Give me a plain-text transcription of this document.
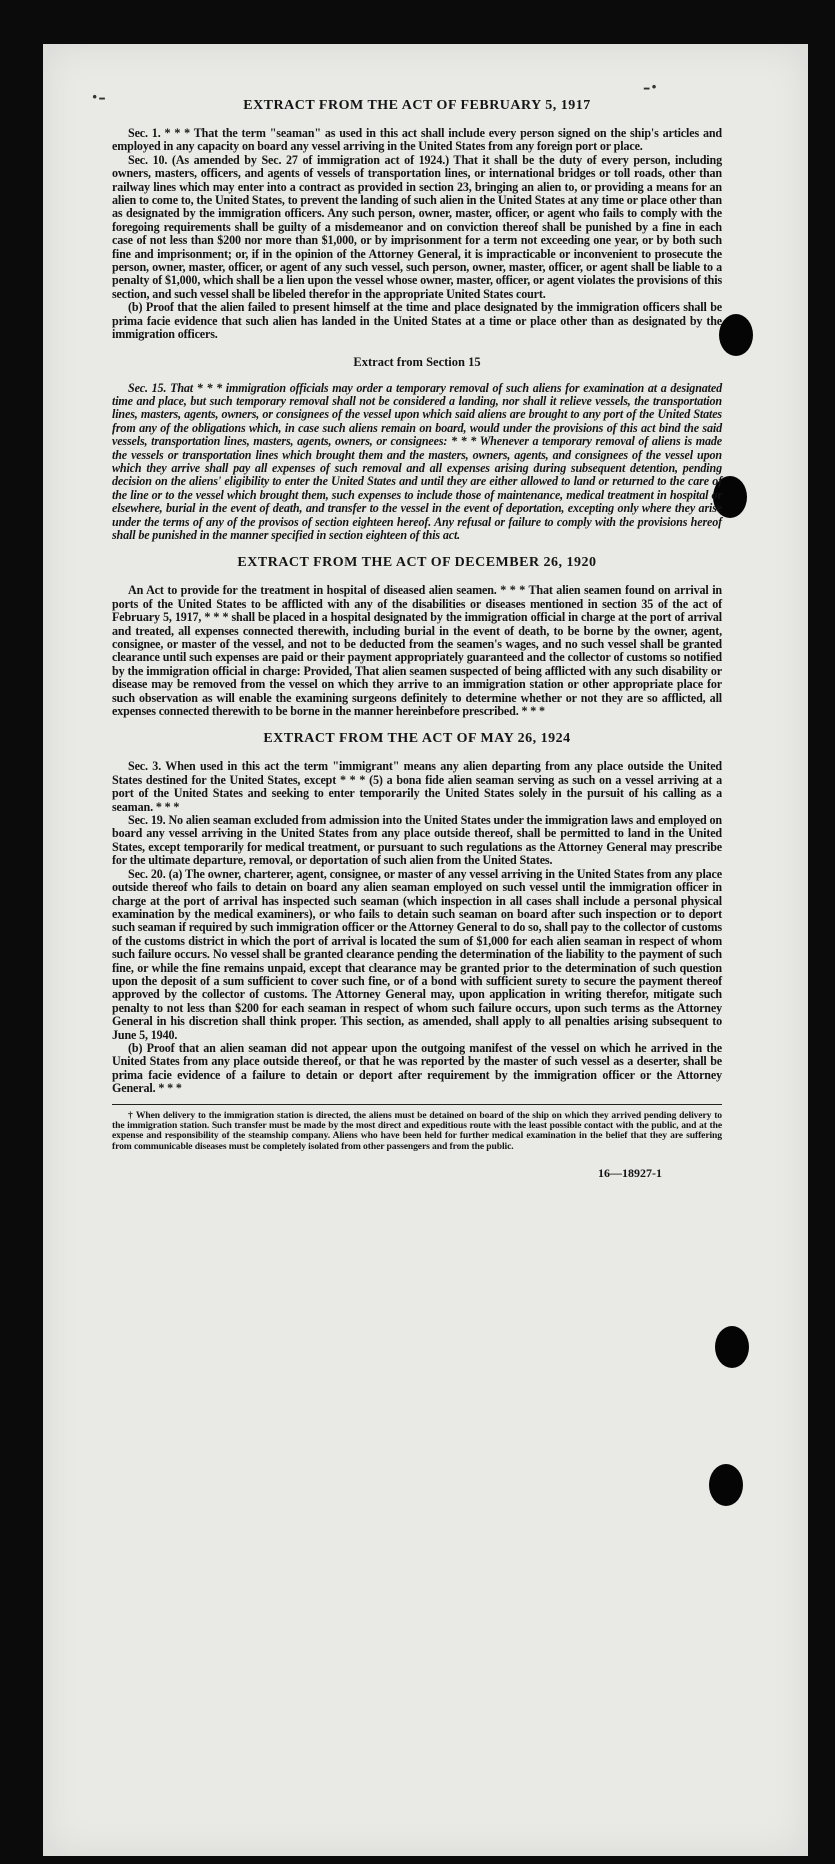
·‑	‑·
EXTRACT FROM THE ACT OF FEBRUARY 5, 1917

Sec. 1. * * * That the term "seaman" as used in this act shall include every person signed on the ship's articles and employed in any capacity on board any vessel arriving in the United States from any foreign port or place.

Sec. 10. (As amended by Sec. 27 of immigration act of 1924.) That it shall be the duty of every person, including owners, masters, officers, and agents of vessels of transportation lines, or international bridges or toll roads, other than railway lines which may enter into a contract as provided in section 23, bringing an alien to, or providing a means for an alien to come to, the United States, to prevent the landing of such alien in the United States at any time or place other than as designated by the immigration officers. Any such person, owner, master, officer, or agent who fails to comply with the foregoing requirements shall be guilty of a misdemeanor and on conviction thereof shall be punished by a fine in each case of not less than $200 nor more than $1,000, or by imprisonment for a term not exceeding one year, or by both such fine and imprisonment; or, if in the opinion of the Attorney General, it is impracticable or inconvenient to prosecute the person, owner, master, officer, or agent of any such vessel, such person, owner, master, officer, or agent shall be liable to a penalty of $1,000, which shall be a lien upon the vessel whose owner, master, officer, or agent violates the provisions of this section, and such vessel shall be libeled therefor in the appropriate United States court.

(b) Proof that the alien failed to present himself at the time and place designated by the immigration officers shall be prima facie evidence that such alien has landed in the United States at a time or place other than as designated by the immigration officers.

Extract from Section 15

Sec. 15. That * * * immigration officials may order a temporary removal of such aliens for examination at a designated time and place, but such temporary removal shall not be considered a landing, nor shall it relieve vessels, the transportation lines, masters, agents, owners, or consignees of the vessel upon which said aliens are brought to any port of the United States from any of the obligations which, in case such aliens remain on board, would under the provisions of this act bind the said vessels, transportation lines, masters, agents, owners, or consignees: * * * Whenever a temporary removal of aliens is made the vessels or transportation lines which brought them and the masters, owners, agents, and consignees of the vessel upon which they arrive shall pay all expenses of such removal and all expenses arising during subsequent detention, pending decision on the aliens' eligibility to enter the United States and until they are either allowed to land or returned to the care of the line or to the vessel which brought them, such expenses to include those of maintenance, medical treatment in hospital or elsewhere, burial in the event of death, and transfer to the vessel in the event of deportation, excepting only where they arise under the terms of any of the provisos of section eighteen hereof. Any refusal or failure to comply with the provisions hereof shall be punished in the manner specified in section eighteen of this act.

EXTRACT FROM THE ACT OF DECEMBER 26, 1920

An Act to provide for the treatment in hospital of diseased alien seamen. * * * That alien seamen found on arrival in ports of the United States to be afflicted with any of the disabilities or diseases mentioned in section 35 of the act of February 5, 1917, * * * shall be placed in a hospital designated by the immigration official in charge at the port of arrival and treated, all expenses connected therewith, including burial in the event of death, to be borne by the owner, agent, consignee, or master of the vessel, and not to be deducted from the seamen's wages, and no such vessel shall be granted clearance until such expenses are paid or their payment appropriately guaranteed and the collector of customs so notified by the immigration official in charge: Provided, That alien seamen suspected of being afflicted with any such disability or disease may be removed from the vessel on which they arrive to an immigration station or other appropriate place for such observation as will enable the examining surgeons definitely to determine whether or not they are so afflicted, all expenses connected therewith to be borne in the manner hereinbefore prescribed. * * *

EXTRACT FROM THE ACT OF MAY 26, 1924

Sec. 3. When used in this act the term "immigrant" means any alien departing from any place outside the United States destined for the United States, except * * * (5) a bona fide alien seaman serving as such on a vessel arriving at a port of the United States and seeking to enter temporarily the United States solely in the pursuit of his calling as a seaman. * * *

Sec. 19. No alien seaman excluded from admission into the United States under the immigration laws and employed on board any vessel arriving in the United States from any place outside thereof, shall be permitted to land in the United States, except temporarily for medical treatment, or pursuant to such regulations as the Attorney General may prescribe for the ultimate departure, removal, or deportation of such alien from the United States.

Sec. 20. (a) The owner, charterer, agent, consignee, or master of any vessel arriving in the United States from any place outside thereof who fails to detain on board any alien seaman employed on such vessel until the immigration officer in charge at the port of arrival has inspected such seaman (which inspection in all cases shall include a personal physical examination by the medical examiners), or who fails to detain such seaman on board after such inspection or to deport such seaman if required by such immigration officer or the Attorney General to do so, shall pay to the collector of customs of the customs district in which the port of arrival is located the sum of $1,000 for each alien seaman in respect of whom such failure occurs. No vessel shall be granted clearance pending the determination of the liability to the payment of such fine, or while the fine remains unpaid, except that clearance may be granted prior to the determination of such question upon the deposit of a sum sufficient to cover such fine, or of a bond with sufficient surety to secure the payment thereof approved by the collector of customs. The Attorney General may, upon application in writing therefor, mitigate such penalty to not less than $200 for each seaman in respect of whom such failure occurs, upon such terms as the Attorney General in his discretion shall think proper. This section, as amended, shall apply to all penalties arising subsequent to June 5, 1940.

(b) Proof that an alien seaman did not appear upon the outgoing manifest of the vessel on which he arrived in the United States from any place outside thereof, or that he was reported by the master of such vessel as a deserter, shall be prima facie evidence of a failure to detain or deport after requirement by the immigration officer or the Attorney General. * * *

† When delivery to the immigration station is directed, the aliens must be detained on board of the ship on which they arrived pending delivery to the immigration station. Such transfer must be made by the most direct and expeditious route with the least possible contact with the public, and at the expense and responsibility of the steamship company. Aliens who have been held for further medical examination in the belief that they are suffering from communicable diseases must be completely isolated from other passengers and from the public.

16—18927-1
